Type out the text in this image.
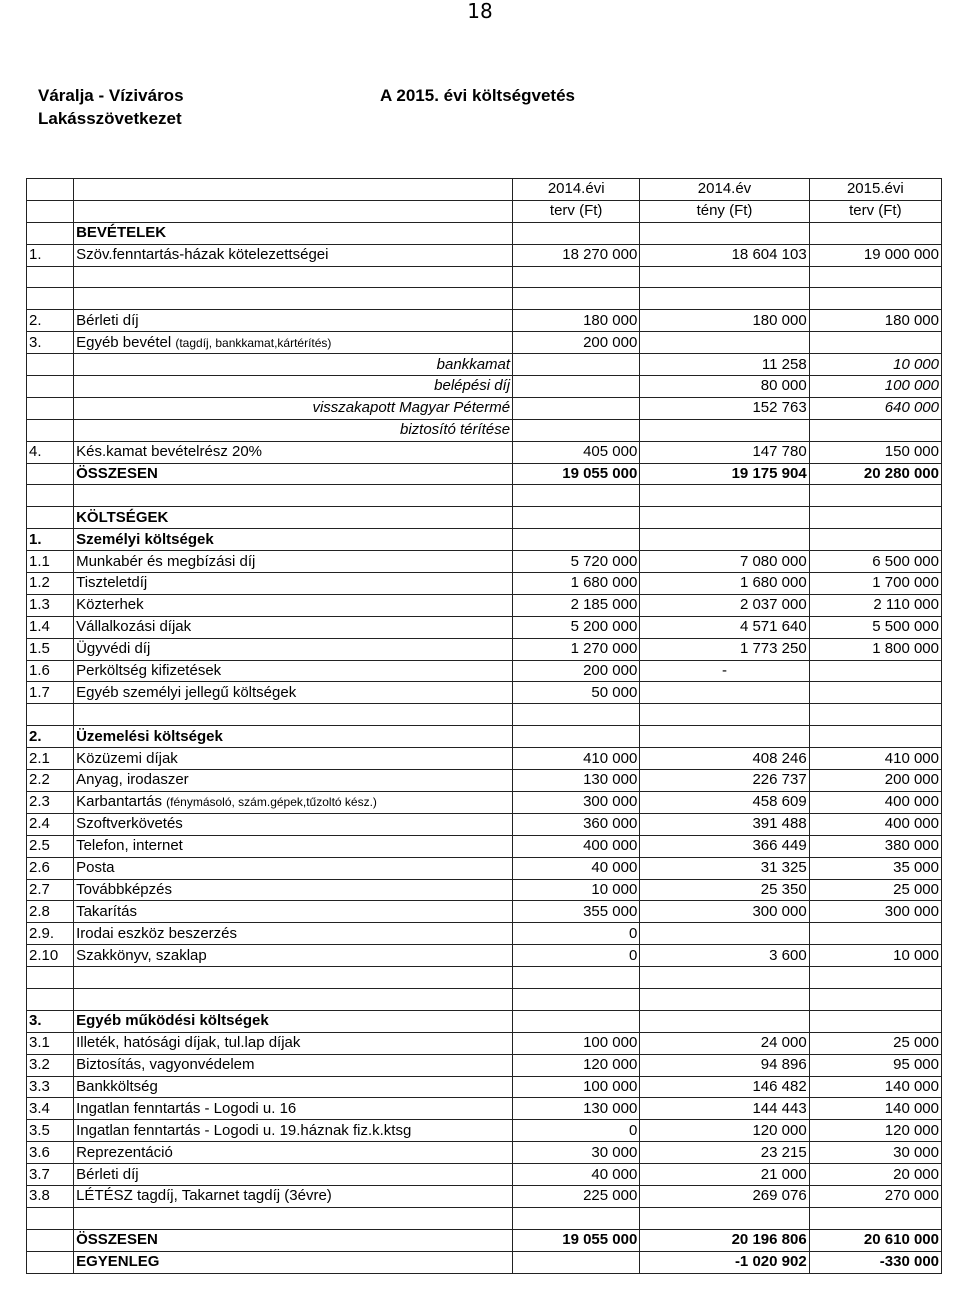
18
Váralja - Víziváros
Lakásszövetkezet
A 2015. évi költségvetés
		2014.évi	2014.év	2015.évi
		terv (Ft)	tény (Ft)	terv (Ft)
	BEVÉTELEK			
1.	Szöv.fenntartás-házak kötelezettségei	18 270 000	18 604 103	19 000 000

2.	Bérleti díj	180 000	180 000	180 000
3.	Egyéb bevétel (tagdíj, bankkamat,kártérítés)	200 000		
	bankkamat		11 258	10 000
	belépési díj		80 000	100 000
	visszakapott Magyar Pétermé		152 763	640 000
	biztosító térítése			
4.	Kés.kamat bevételrész 20%	405 000	147 780	150 000
	ÖSSZESEN	19 055 000	19 175 904	20 280 000

	KÖLTSÉGEK			
1.	Személyi költségek			
1.1	Munkabér és megbízási díj	5 720 000	7 080 000	6 500 000
1.2	Tiszteletdíj	1 680 000	1 680 000	1 700 000
1.3	Közterhek	2 185 000	2 037 000	2 110 000
1.4	Vállalkozási díjak	5 200 000	4 571 640	5 500 000
1.5	Ügyvédi díj	1 270 000	1 773 250	1 800 000
1.6	Perköltség kifizetések	200 000	-	
1.7	Egyéb személyi jellegű költségek	50 000		

2.	Üzemelési költségek			
2.1	Közüzemi díjak	410 000	408 246	410 000
2.2	Anyag, irodaszer	130 000	226 737	200 000
2.3	Karbantartás (fénymásoló, szám.gépek,tűzoltó kész.)	300 000	458 609	400 000
2.4	Szoftverkövetés	360 000	391 488	400 000
2.5	Telefon, internet	400 000	366 449	380 000
2.6	Posta	40 000	31 325	35 000
2.7	Továbbképzés	10 000	25 350	25 000
2.8	Takarítás	355 000	300 000	300 000
2.9.	Irodai eszköz beszerzés	0		
2.10	Szakkönyv, szaklap	0	3 600	10 000

3.	Egyéb működési költségek			
3.1	Illeték, hatósági díjak, tul.lap díjak	100 000	24 000	25 000
3.2	Biztosítás, vagyonvédelem	120 000	94 896	95 000
3.3	Bankköltség	100 000	146 482	140 000
3.4	Ingatlan fenntartás - Logodi u. 16	130 000	144 443	140 000
3.5	Ingatlan fenntartás - Logodi u. 19.háznak fiz.k.ktsg	0	120 000	120 000
3.6	Reprezentáció	30 000	23 215	30 000
3.7	Bérleti díj	40 000	21 000	20 000
3.8	LÉTÉSZ tagdíj, Takarnet tagdíj (3évre)	225 000	269 076	270 000

	ÖSSZESEN	19 055 000	20 196 806	20 610 000
	EGYENLEG		-1 020 902	-330 000
